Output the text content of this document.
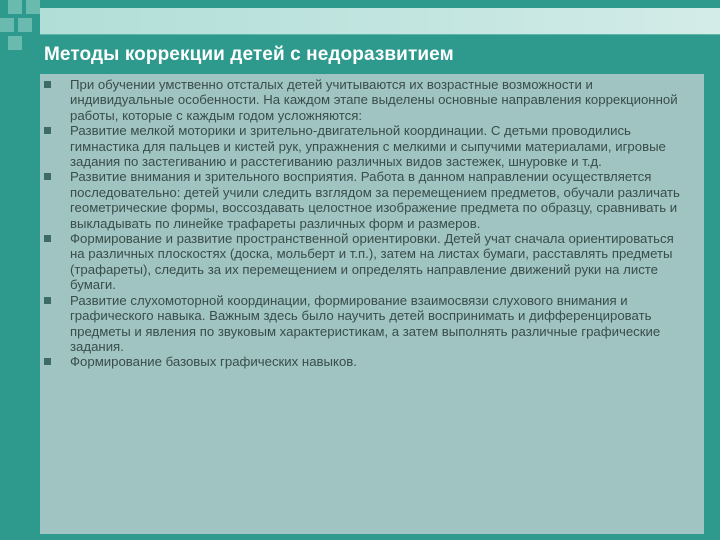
Методы коррекции детей с недоразвитием
При обучении умственно отсталых детей учитываются их возрастные возможности и индивидуальные особенности. На каждом этапе выделены основные направления коррекционной работы, которые с каждым годом усложняются:
Развитие мелкой моторики и зрительно-двигательной координации. С детьми проводились гимнастика для пальцев и кистей рук, упражнения с мелкими и сыпучими материалами, игровые задания по застегиванию и расстегиванию различных видов застежек, шнуровке и т.д.
Развитие внимания и зрительного восприятия. Работа в данном направлении осуществляется последовательно: детей учили следить взглядом за перемещением предметов, обучали различать геометрические формы, воссоздавать целостное изображение предмета по образцу, сравнивать и выкладывать по линейке трафареты различных форм и размеров.
Формирование и развитие пространственной ориентировки. Детей учат сначала ориентироваться на различных плоскостях (доска, мольберт и т.п.), затем на листах бумаги, расставлять предметы (трафареты), следить за их перемещением и определять направление движений руки на листе бумаги.
Развитие слухомоторной координации, формирование взаимосвязи слухового внимания и графического навыка. Важным здесь было научить детей воспринимать и дифференцировать предметы и явления по звуковым характеристикам, а затем выполнять различные графические задания.
Формирование базовых графических навыков.
